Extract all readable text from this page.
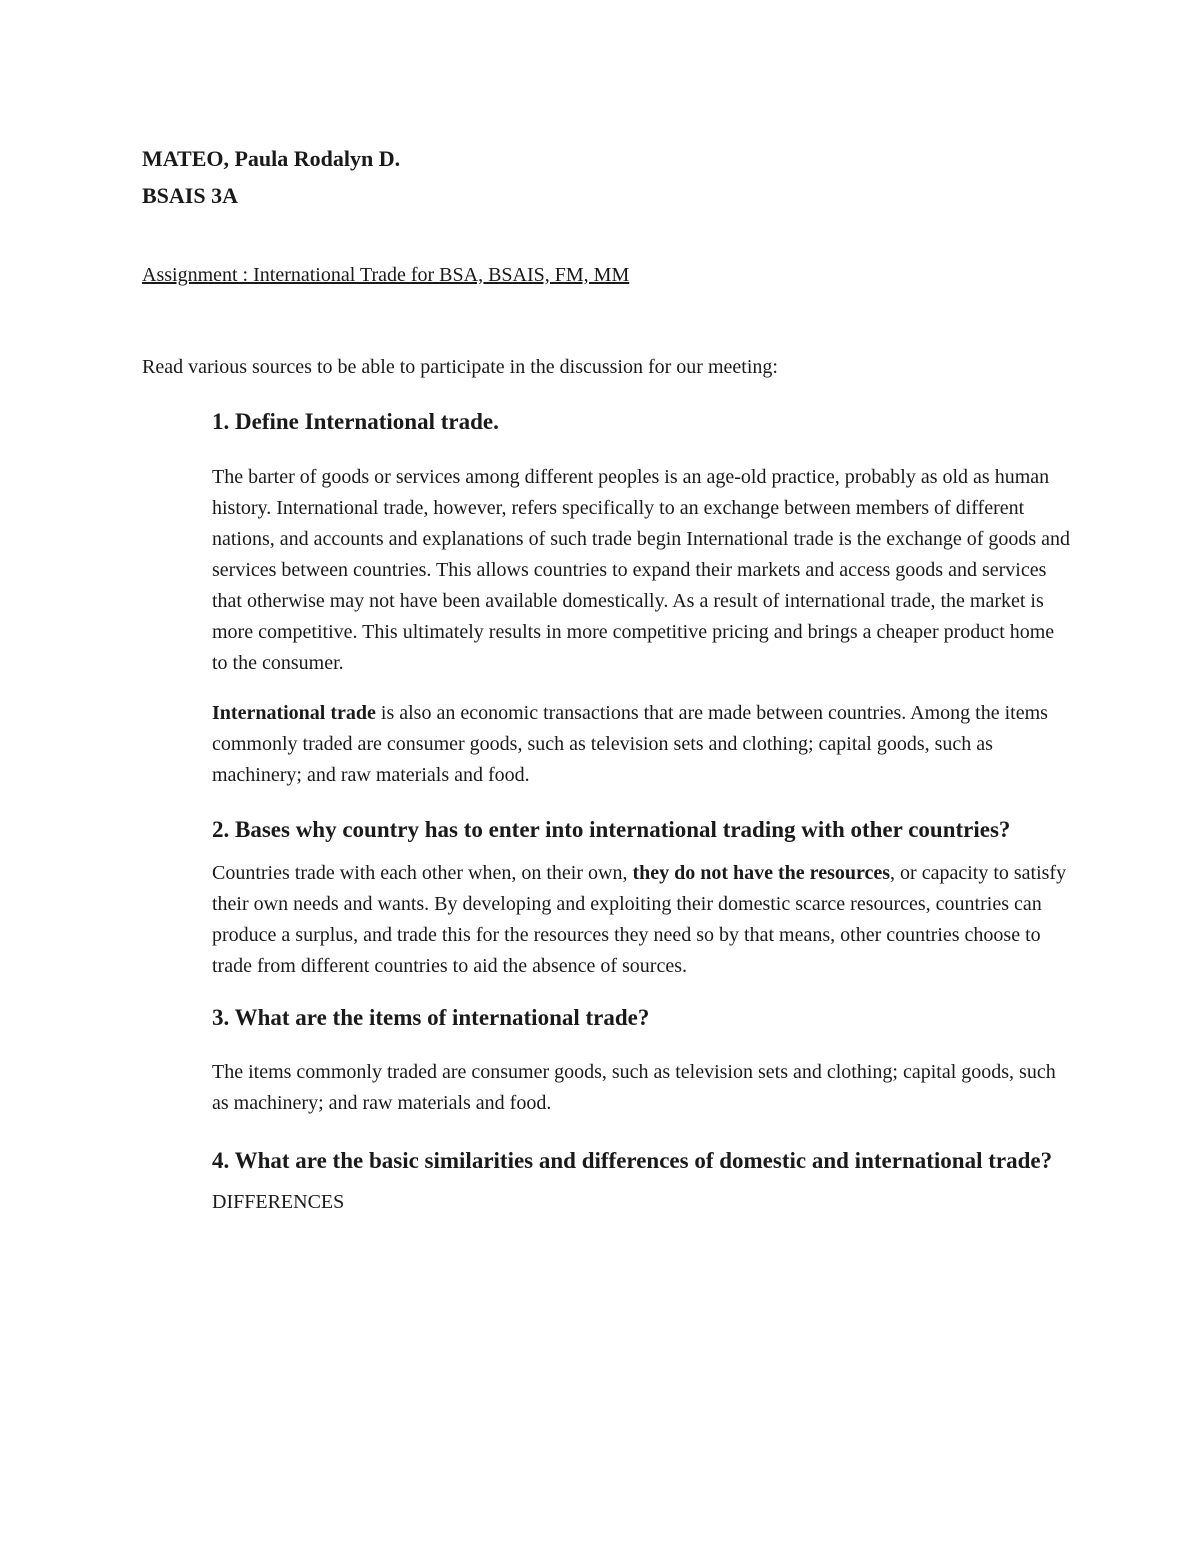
MATEO, Paula Rodalyn D.

BSAIS 3A

Assignment : International Trade for BSA, BSAIS, FM, MM

Read various sources to be able to participate in the discussion for our meeting:

1. Define International trade.

The barter of goods or services among different peoples is an age-old practice, probably as old as human history. International trade, however, refers specifically to an exchange between members of different nations, and accounts and explanations of such trade begin International trade is the exchange of goods and services between countries. This allows countries to expand their markets and access goods and services that otherwise may not have been available domestically. As a result of international trade, the market is more competitive. This ultimately results in more competitive pricing and brings a cheaper product home to the consumer.

International trade is also an economic transactions that are made between countries. Among the items commonly traded are consumer goods, such as television sets and clothing; capital goods, such as machinery; and raw materials and food.

2. Bases why country has to enter into international trading with other countries?

Countries trade with each other when, on their own, they do not have the resources, or capacity to satisfy their own needs and wants. By developing and exploiting their domestic scarce resources, countries can produce a surplus, and trade this for the resources they need so by that means, other countries choose to trade from different countries to aid the absence of sources.

3. What are the items of international trade?

The items commonly traded are consumer goods, such as television sets and clothing; capital goods, such as machinery; and raw materials and food.

4. What are the basic similarities and differences of domestic and international trade?

DIFFERENCES
